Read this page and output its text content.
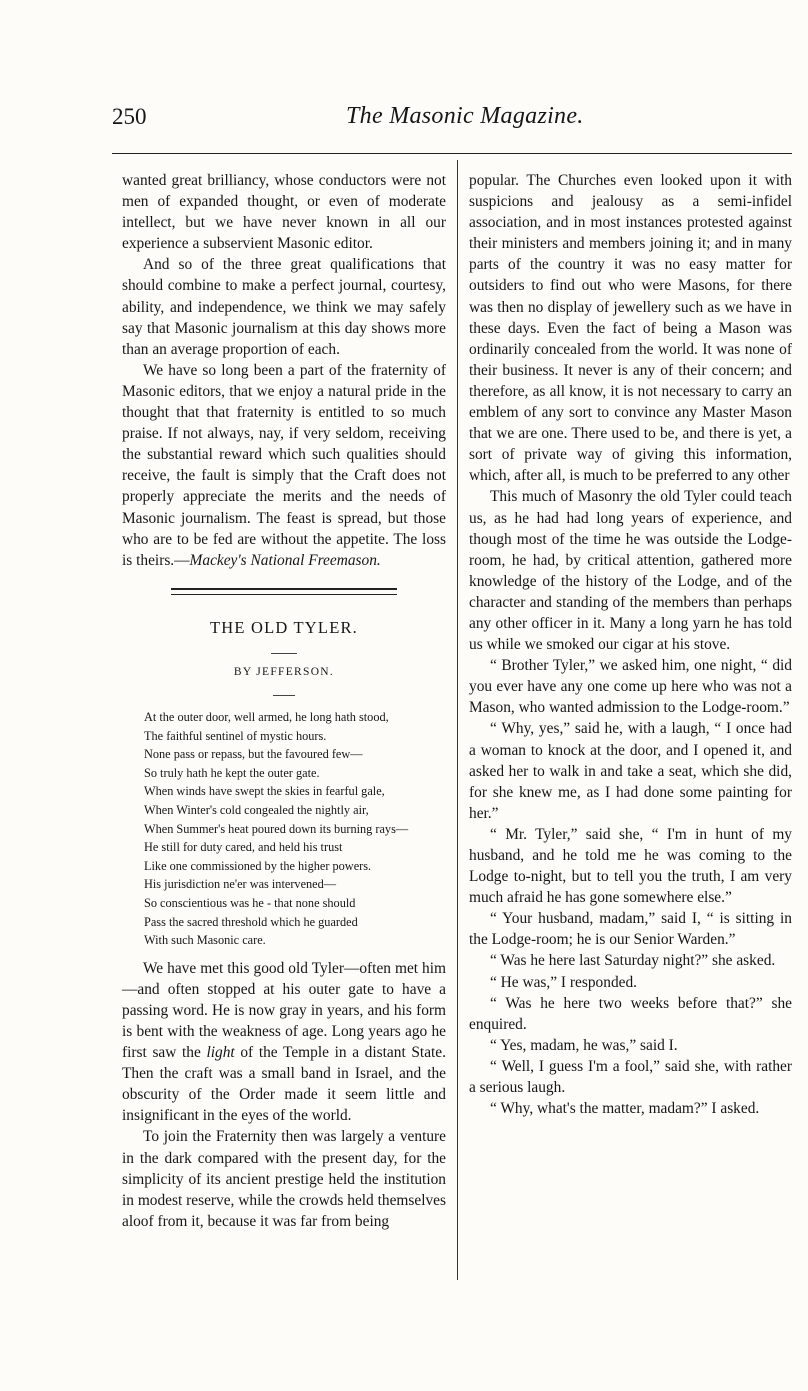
250	The Masonic Magazine.

wanted great brilliancy, whose conductors were not men of expanded thought, or even of moderate intellect, but we have never known in all our experience a subservient Masonic editor.

And so of the three great qualifications that should combine to make a perfect journal, courtesy, ability, and independence, we think we may safely say that Masonic journalism at this day shows more than an average proportion of each.

We have so long been a part of the fraternity of Masonic editors, that we enjoy a natural pride in the thought that that fraternity is entitled to so much praise. If not always, nay, if very seldom, receiving the substantial reward which such qualities should receive, the fault is simply that the Craft does not properly appreciate the merits and the needs of Masonic journalism. The feast is spread, but those who are to be fed are without the appetite. The loss is theirs.—Mackey's National Freemason.

THE OLD TYLER.
BY JEFFERSON.
At the outer door, well armed, he long hath stood,
The faithful sentinel of mystic hours.
None pass or repass, but the favoured few—
So truly hath he kept the outer gate.
When winds have swept the skies in fearful gale,
When Winter's cold congealed the nightly air,
When Summer's heat poured down its burning rays—
He still for duty cared, and held his trust
Like one commissioned by the higher powers.
His jurisdiction ne'er was intervened—
So conscientious was he - that none should
Pass the sacred threshold which he guarded
With such Masonic care.

We have met this good old Tyler—often met him—and often stopped at his outer gate to have a passing word. He is now gray in years, and his form is bent with the weakness of age. Long years ago he first saw the light of the Temple in a distant State. Then the craft was a small band in Israel, and the obscurity of the Order made it seem little and insignificant in the eyes of the world.

To join the Fraternity then was largely a venture in the dark compared with the present day, for the simplicity of its ancient prestige held the institution in modest reserve, while the crowds held themselves aloof from it, because it was far from being

popular. The Churches even looked upon it with suspicions and jealousy as a semi-infidel association, and in most instances protested against their ministers and members joining it; and in many parts of the country it was no easy matter for outsiders to find out who were Masons, for there was then no display of jewellery such as we have in these days. Even the fact of being a Mason was ordinarily concealed from the world. It was none of their business. It never is any of their concern; and therefore, as all know, it is not necessary to carry an emblem of any sort to convince any Master Mason that we are one. There used to be, and there is yet, a sort of private way of giving this information, which, after all, is much to be preferred to any other

This much of Masonry the old Tyler could teach us, as he had had long years of experience, and though most of the time he was outside the Lodge-room, he had, by critical attention, gathered more knowledge of the history of the Lodge, and of the character and standing of the members than perhaps any other officer in it. Many a long yarn he has told us while we smoked our cigar at his stove.

“ Brother Tyler,” we asked him, one night, “ did you ever have any one come up here who was not a Mason, who wanted admission to the Lodge-room.”

“ Why, yes,” said he, with a laugh, “ I once had a woman to knock at the door, and I opened it, and asked her to walk in and take a seat, which she did, for she knew me, as I had done some painting for her.”

“ Mr. Tyler,” said she, “ I'm in hunt of my husband, and he told me he was coming to the Lodge to-night, but to tell you the truth, I am very much afraid he has gone somewhere else.”

“ Your husband, madam,” said I, “ is sitting in the Lodge-room; he is our Senior Warden.”

“ Was he here last Saturday night?” she asked.

“ He was,” I responded.

“ Was he here two weeks before that?” she enquired.

“ Yes, madam, he was,” said I.

“ Well, I guess I'm a fool,” said she, with rather a serious laugh.

“ Why, what's the matter, madam?” I asked.
